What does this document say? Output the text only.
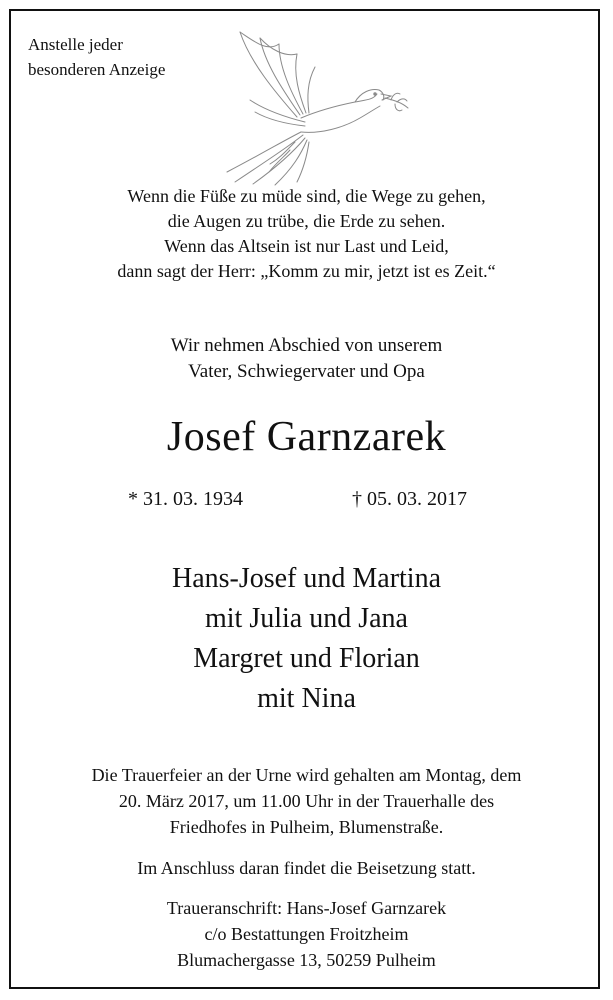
Anstelle jeder
besonderen Anzeige
Wenn die Füße zu müde sind, die Wege zu gehen,
die Augen zu trübe, die Erde zu sehen.
Wenn das Altsein ist nur Last und Leid,
dann sagt der Herr: „Komm zu mir, jetzt ist es Zeit.“
Wir nehmen Abschied von unserem
Vater, Schwiegervater und Opa
Josef Garnzarek
* 31. 03. 1934	† 05. 03. 2017
Hans-Josef und Martina
mit Julia und Jana
Margret und Florian
mit Nina
Die Trauerfeier an der Urne wird gehalten am Montag, dem
20. März 2017, um 11.00 Uhr in der Trauerhalle des
Friedhofes in Pulheim, Blumenstraße.
Im Anschluss daran findet die Beisetzung statt.
Traueranschrift: Hans-Josef Garnzarek
c/o Bestattungen Froitzheim
Blumachergasse 13, 50259 Pulheim
